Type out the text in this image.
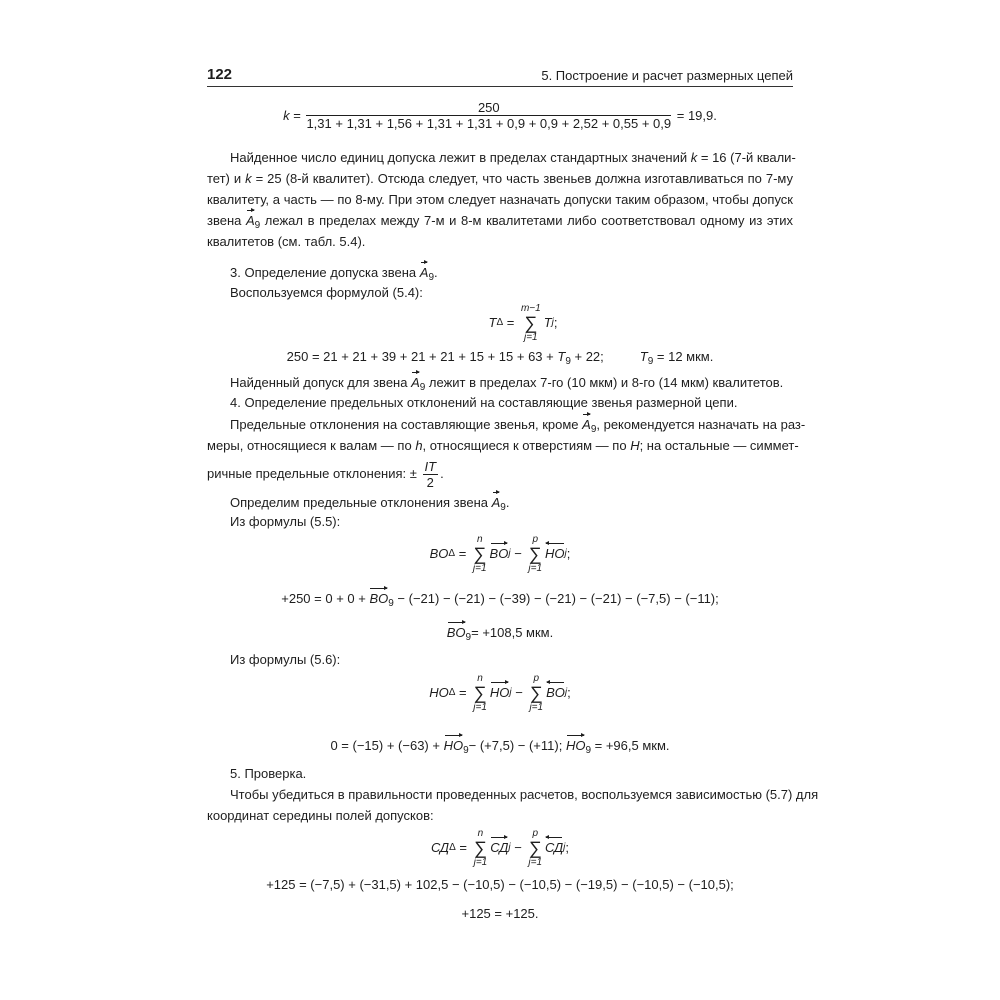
122	5. Построение и расчет размерных цепей
k =	250
1,31 + 1,31 + 1,56 + 1,31 + 1,31 + 0,9 + 0,9 + 2,52 + 0,55 + 0,9
= 19,9.
Найденное число единиц допуска лежит в пределах стандартных значений k = 16 (7-й квали-
тет) и k = 25 (8-й квалитет). Отсюда следует, что часть звеньев должна изготавливаться по 7-му
квалитету, а часть — по 8-му. При этом следует назначать допуски таким образом, чтобы допуск
звена $A_9$ лежал в пределах между 7-м и 8-м квалитетами либо соответствовал одному из этих
квалитетов (см. табл. 5.4).
3. Определение допуска звена $A_9$.
Воспользуемся формулой (5.4):
T Δ =
m−1
∑
j=1
T j ;
$250 = 21 + 21 + 39 + 21 + 21 + 15 + 15 + 63 + T_9 + 22$;	$T_9 = 12$ мкм.
Найденный допуск для звена $A_9$ лежит в пределах 7-го (10 мкм) и 8-го (14 мкм) квалитетов.
4. Определение предельных отклонений на составляющие звенья размерной цепи.
Предельные отклонения на составляющие звенья, кроме $A_9$, рекомендуется назначать на раз-
меры, относящиеся к валам — по h, относящиеся к отверстиям — по H; на остальные — симмет-
ричные предельные отклонения: ± $\frac{IT}{2}$ .
Определим предельные отклонения звена $A_9$.
Из формулы (5.5):
BO Δ =
n
∑
j=1
BO j −
p
∑
j=1
HO j ;
$+250 = 0 + 0 + BO_9 - (-21) - (-21) - (-39) - (-21) - (-21) - (-7,5) - (-11)$;
$BO_9= +108,5$ мкм.
Из формулы (5.6):
HO Δ =
n
∑
j=1
HO j −
p
∑
j=1
BO j ;
$0 = (-15) + (-63) + HO_9- (+7,5) - (+11)$; $HO_9 = +96,5$ мкм.
5. Проверка.
Чтобы убедиться в правильности проведенных расчетов, воспользуемся зависимостью (5.7) для
координат середины полей допусков:
СД Δ =
n
∑
j=1
СД j −
p
∑
j=1
СД j ;
+125 = (−7,5) + (−31,5) + 102,5 − (−10,5) − (−10,5) − (−19,5) − (−10,5) − (−10,5);
+125 = +125.
